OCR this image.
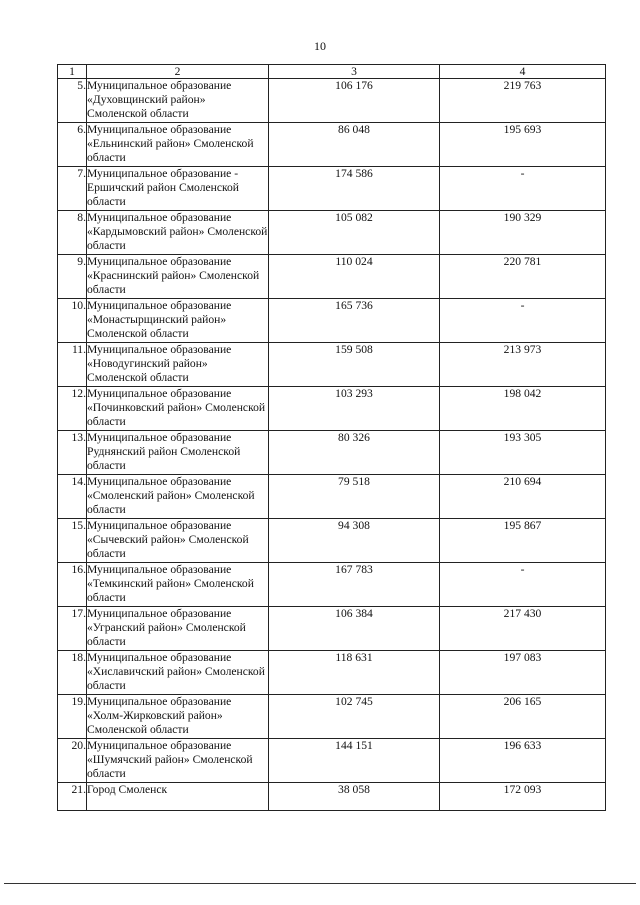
10
1	2	3	4
5.	Муниципальное образование «Духовщинский район» Смоленской области	106 176	219 763
6.	Муниципальное образование «Ельнинский район» Смоленской области	86 048	195 693
7.	Муниципальное образование - Ершичский район Смоленской области	174 586	-
8.	Муниципальное образование «Кардымовский район» Смоленской области	105 082	190 329
9.	Муниципальное образование «Краснинский район» Смоленской области	110 024	220 781
10.	Муниципальное образование «Монастырщинский район» Смоленской области	165 736	-
11.	Муниципальное образование «Новодугинский район» Смоленской области	159 508	213 973
12.	Муниципальное образование «Починковский район» Смоленской области	103 293	198 042
13.	Муниципальное образование Руднянский район Смоленской области	80 326	193 305
14.	Муниципальное образование «Смоленский район» Смоленской области	79 518	210 694
15.	Муниципальное образование «Сычевский район» Смоленской области	94 308	195 867
16.	Муниципальное образование «Темкинский район» Смоленской области	167 783	-
17.	Муниципальное образование «Угранский район» Смоленской области	106 384	217 430
18.	Муниципальное образование «Хиславичский район» Смоленской области	118 631	197 083
19.	Муниципальное образование «Холм-Жирковский район» Смоленской области	102 745	206 165
20.	Муниципальное образование «Шумячский район» Смоленской области	144 151	196 633
21.	Город Смоленск	38 058	172 093
